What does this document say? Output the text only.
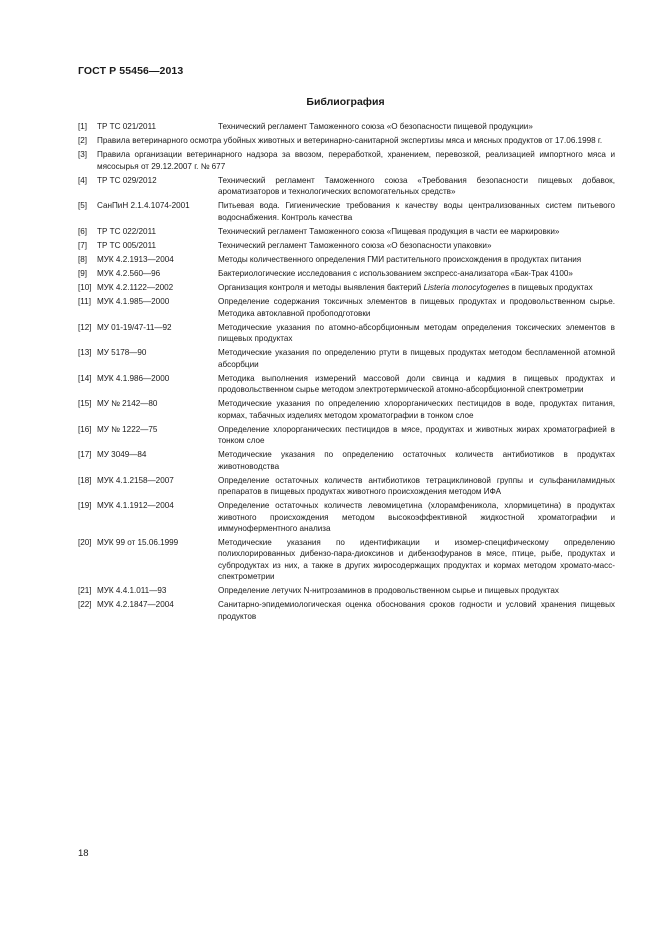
ГОСТ Р 55456—2013
Библиография
[1]	ТР ТС 021/2011	Технический регламент Таможенного союза «О безопасности пищевой продукции»
[2]	Правила ветеринарного осмотра убойных животных и ветеринарно-санитарной экспертизы мяса и мясных продуктов от 17.06.1998 г.
[3]	Правила организации ветеринарного надзора за ввозом, переработкой, хранением, перевозкой, реализацией импортного мяса и мясосырья от 29.12.2007 г. № 677
[4]	ТР ТС 029/2012	Технический регламент Таможенного союза «Требования безопасности пищевых добавок, ароматизаторов и технологических вспомогательных средств»
[5]	СанПиН 2.1.4.1074-2001	Питьевая вода. Гигиенические требования к качеству воды централизованных систем питьевого водоснабжения. Контроль качества
[6]	ТР ТС 022/2011	Технический регламент Таможенного союза «Пищевая продукция в части ее маркировки»
[7]	ТР ТС 005/2011	Технический регламент Таможенного союза «О безопасности упаковки»
[8]	МУК 4.2.1913—2004	Методы количественного определения ГМИ растительного происхождения в продуктах питания
[9]	МУК 4.2.560—96	Бактериологические исследования с использованием экспресс-анализатора «Бак-Трак 4100»
[10] МУК 4.2.1122—2002	Организация контроля и методы выявления бактерий Listeria monocytogenes в пищевых продуктах
[11] МУК 4.1.985—2000	Определение содержания токсичных элементов в пищевых продуктах и продовольственном сырье. Методика автоклавной пробоподготовки
[12] МУ 01-19/47-11—92	Методические указания по атомно-абсорбционным методам определения токсических элементов в пищевых продуктах
[13] МУ 5178—90	Методические указания по определению ртути в пищевых продуктах методом беспламенной атомной абсорбции
[14] МУК 4.1.986—2000	Методика выполнения измерений массовой доли свинца и кадмия в пищевых продуктах и продовольственном сырье методом электротермической атомно-абсорбционной спектрометрии
[15] МУ № 2142—80	Методические указания по определению хлорорганических пестицидов в воде, продуктах питания, кормах, табачных изделиях методом хроматографии в тонком слое
[16] МУ № 1222—75	Определение хлорорганических пестицидов в мясе, продуктах и животных жирах хроматографией в тонком слое
[17] МУ 3049—84	Методические указания по определению остаточных количеств антибиотиков в продуктах животноводства
[18] МУК 4.1.2158—2007	Определение остаточных количеств антибиотиков тетрациклиновой группы и сульфаниламидных препаратов в пищевых продуктах животного происхождения методом ИФА
[19] МУК 4.1.1912—2004	Определение остаточных количеств левомицетина (хлорамфеникола, хлормицетина) в продуктах животного происхождения методом высокоэффективной жидкостной хроматографии и иммуноферментного анализа
[20] МУК 99 от 15.06.1999	Методические указания по идентификации и изомер-специфическому определению полихлорированных дибензо-пара-диоксинов и дибензофуранов в мясе, птице, рыбе, продуктах и субпродуктах из них, а также в других жиросодержащих продуктах и кормах методом хромато-масс-спектрометрии
[21] МУК 4.4.1.011—93	Определение летучих N-нитрозаминов в продовольственном сырье и пищевых продуктах
[22] МУК 4.2.1847—2004	Санитарно-эпидемиологическая оценка обоснования сроков годности и условий хранения пищевых продуктов
18
